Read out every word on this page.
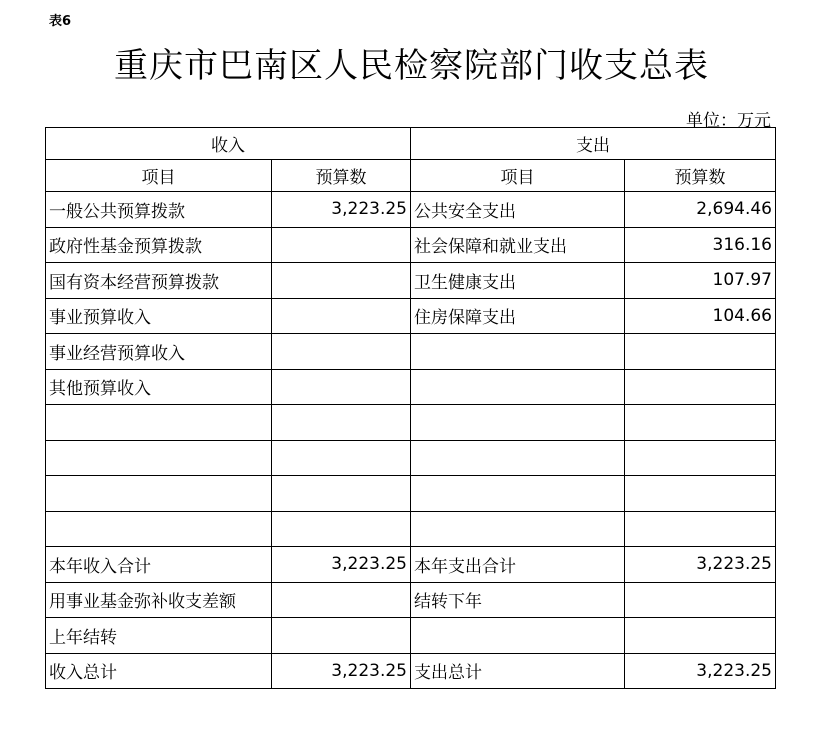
表6
重庆市巴南区人民检察院部门收支总表
单位：万元
收入		支出	
项目	预算数	项目	预算数
一般公共预算拨款	3,223.25	公共安全支出	2,694.46
政府性基金预算拨款		社会保障和就业支出	316.16
国有资本经营预算拨款		卫生健康支出	107.97
事业预算收入		住房保障支出	104.66
事业经营预算收入			
其他预算收入			

本年收入合计	3,223.25	本年支出合计	3,223.25
用事业基金弥补收支差额		结转下年	
上年结转			
收入总计	3,223.25	支出总计	3,223.25
